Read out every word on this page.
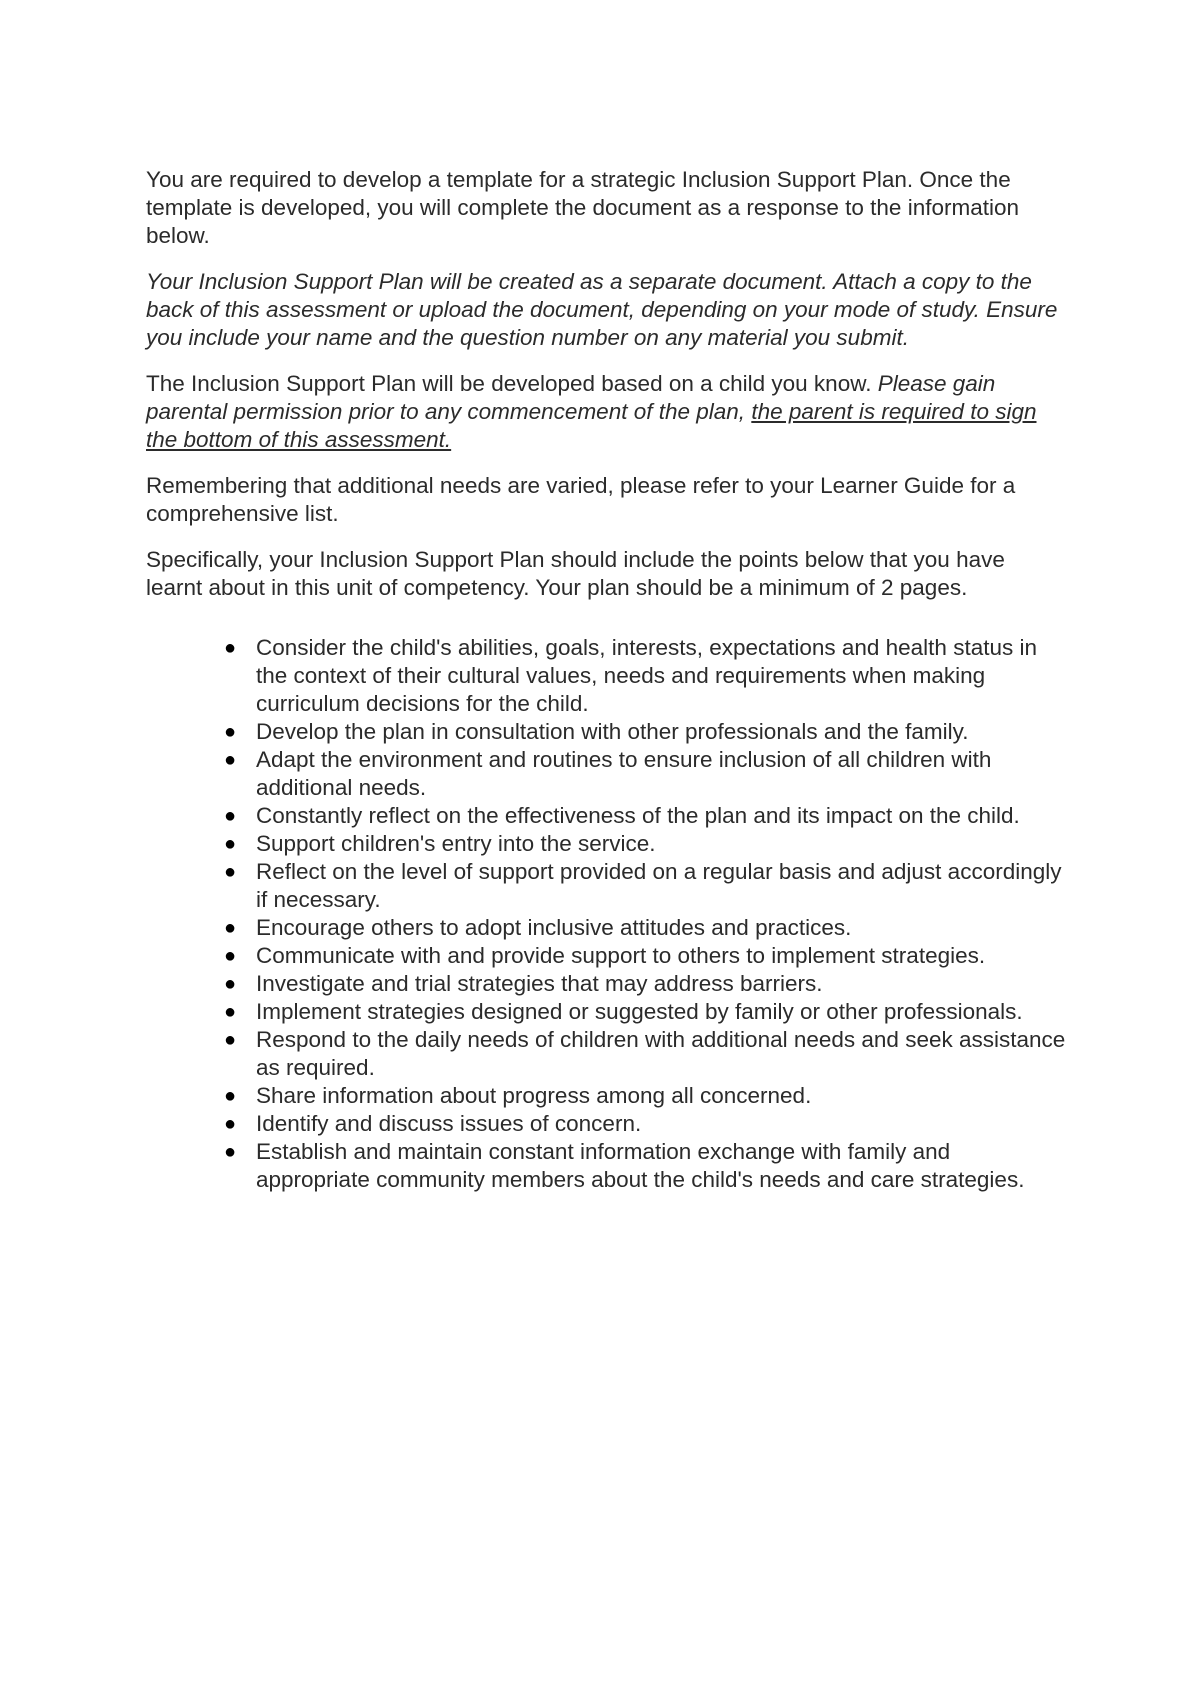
You are required to develop a template for a strategic Inclusion Support Plan. Once the template is developed, you will complete the document as a response to the information below.

Your Inclusion Support Plan will be created as a separate document. Attach a copy to the back of this assessment or upload the document, depending on your mode of study. Ensure you include your name and the question number on any material you submit.

The Inclusion Support Plan will be developed based on a child you know. Please gain parental permission prior to any commencement of the plan, the parent is required to sign the bottom of this assessment.

Remembering that additional needs are varied, please refer to your Learner Guide for a comprehensive list.

Specifically, your Inclusion Support Plan should include the points below that you have learnt about in this unit of competency. Your plan should be a minimum of 2 pages.

● Consider the child's abilities, goals, interests, expectations and health status in the context of their cultural values, needs and requirements when making curriculum decisions for the child.
● Develop the plan in consultation with other professionals and the family.
● Adapt the environment and routines to ensure inclusion of all children with additional needs.
● Constantly reflect on the effectiveness of the plan and its impact on the child.
● Support children's entry into the service.
● Reflect on the level of support provided on a regular basis and adjust accordingly if necessary.
● Encourage others to adopt inclusive attitudes and practices.
● Communicate with and provide support to others to implement strategies.
● Investigate and trial strategies that may address barriers.
● Implement strategies designed or suggested by family or other professionals.
● Respond to the daily needs of children with additional needs and seek assistance as required.
● Share information about progress among all concerned.
● Identify and discuss issues of concern.
● Establish and maintain constant information exchange with family and appropriate community members about the child's needs and care strategies.
